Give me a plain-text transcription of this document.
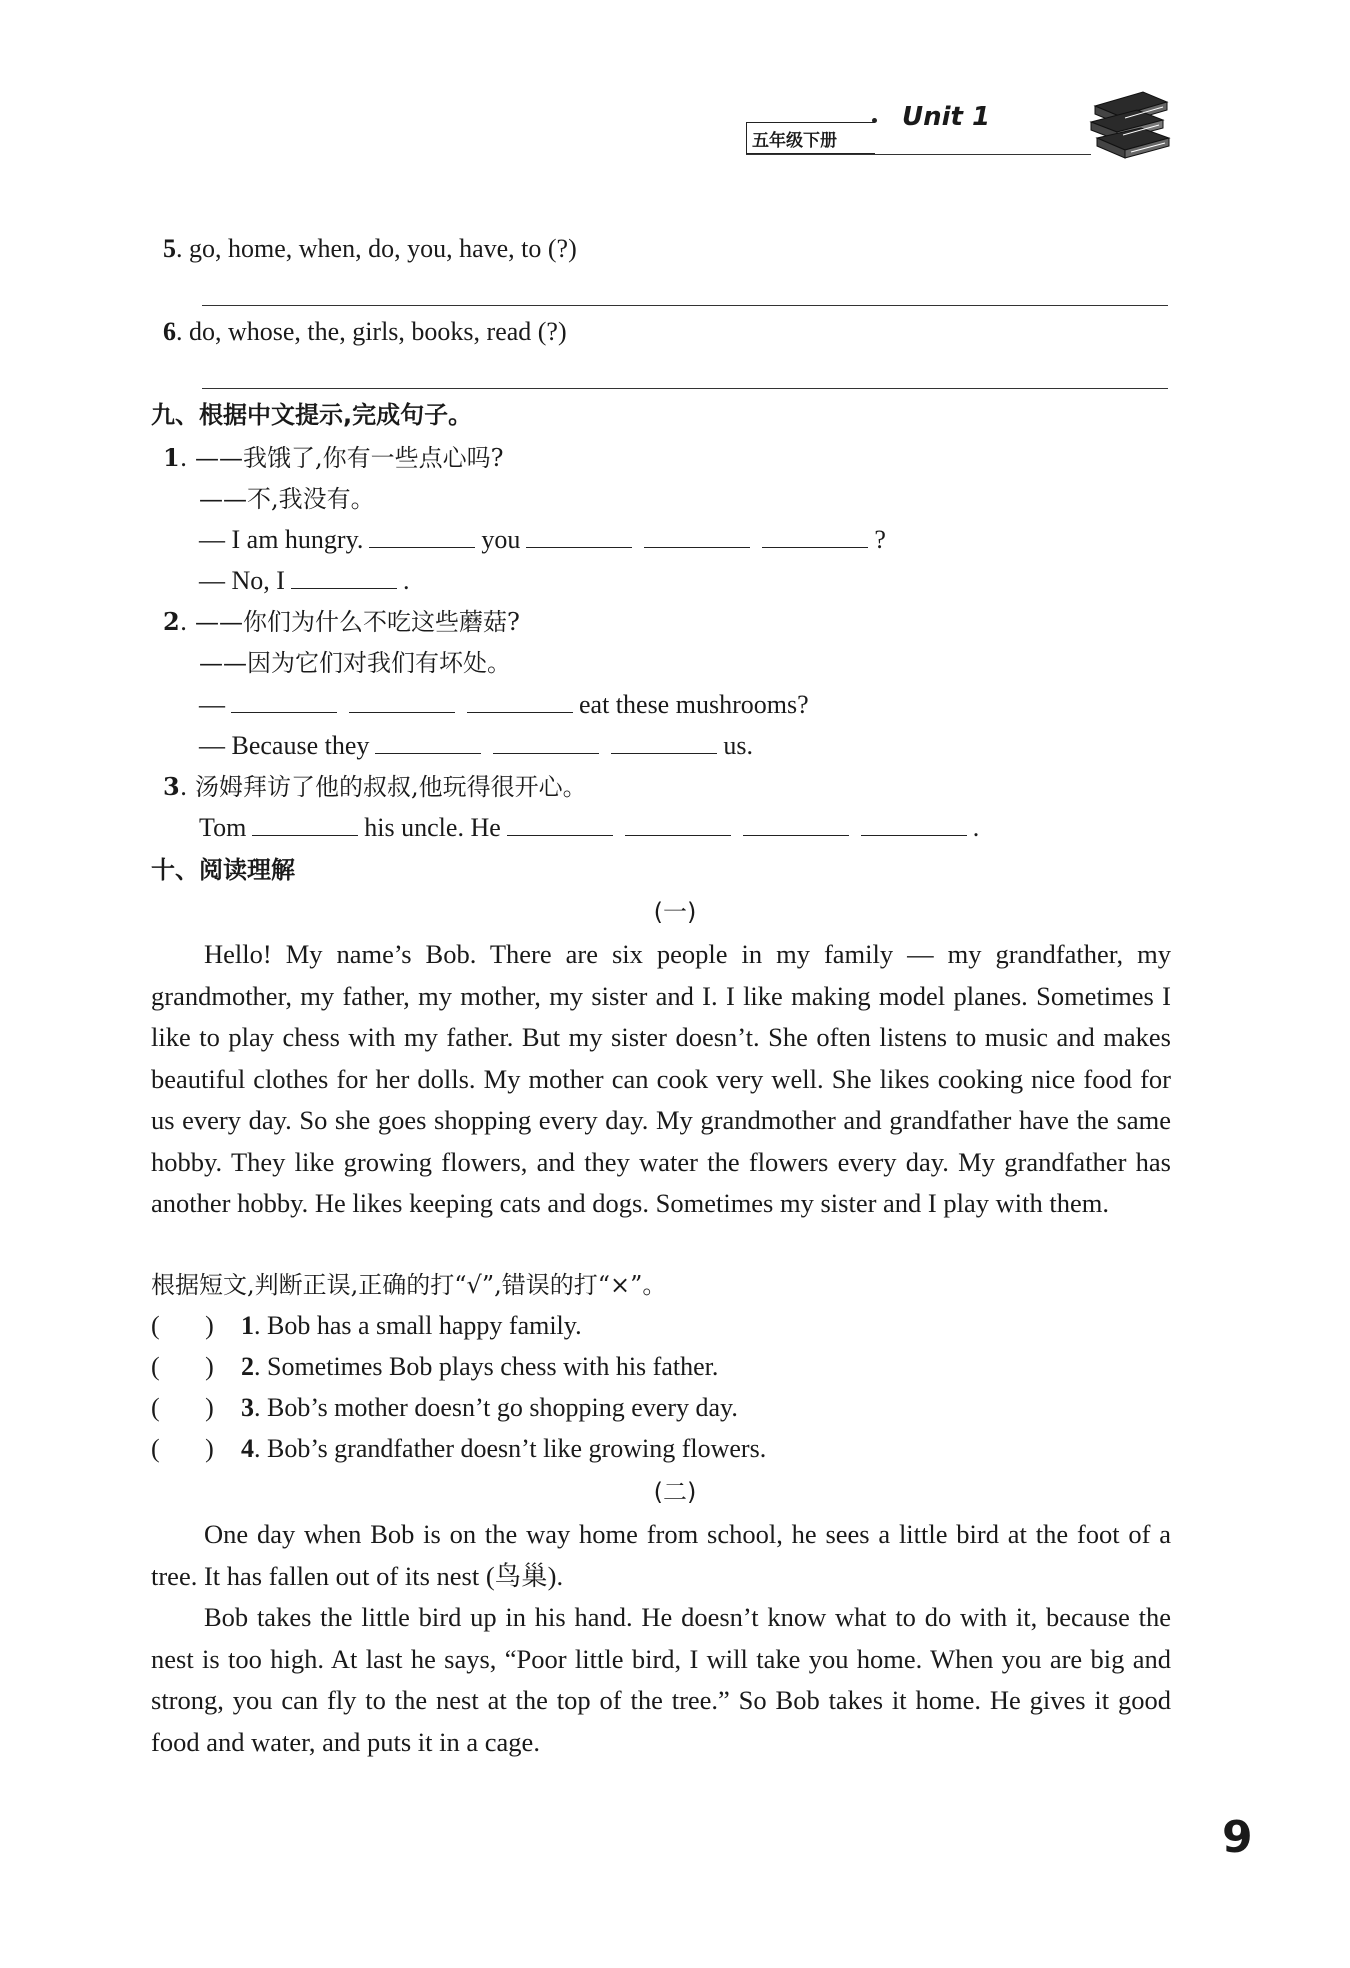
五年级下册
Unit 1
5. go, home, when, do, you, have, to (?)
6. do, whose, the, girls, books, read (?)
九、根据中文提示,完成句子。
1. ——我饿了,你有一些点心吗?
——不,我没有。
— I am hungry.	you	?
— No, I	.
2. ——你们为什么不吃这些蘑菇?
——因为它们对我们有坏处。
—	eat these mushrooms?
— Because they	us.
3. 汤姆拜访了他的叔叔,他玩得很开心。
Tom	his uncle. He	.
十、阅读理解
(一)
Hello! My name’s Bob. There are six people in my family — my grandfather, my grandmother, my father, my mother, my sister and I. I like making model planes. Sometimes I like to play chess with my father. But my sister doesn’t. She often listens to music and makes beautiful clothes for her dolls. My mother can cook very well. She likes cooking nice food for us every day. So she goes shopping every day. My grandmother and grandfather have the same hobby. They like growing flowers, and they water the flowers every day. My grandfather has another hobby. He likes keeping cats and dogs. Sometimes my sister and I play with them.
根据短文,判断正误,正确的打“√”,错误的打“×”。
(       ) 1. Bob has a small happy family.
(       ) 2. Sometimes Bob plays chess with his father.
(       ) 3. Bob’s mother doesn’t go shopping every day.
(       ) 4. Bob’s grandfather doesn’t like growing flowers.
(二)
One day when Bob is on the way home from school, he sees a little bird at the foot of a tree. It has fallen out of its nest (鸟巢).
Bob takes the little bird up in his hand. He doesn’t know what to do with it, because the nest is too high. At last he says, “Poor little bird, I will take you home. When you are big and strong, you can fly to the nest at the top of the tree.” So Bob takes it home. He gives it good food and water, and puts it in a cage.
9
